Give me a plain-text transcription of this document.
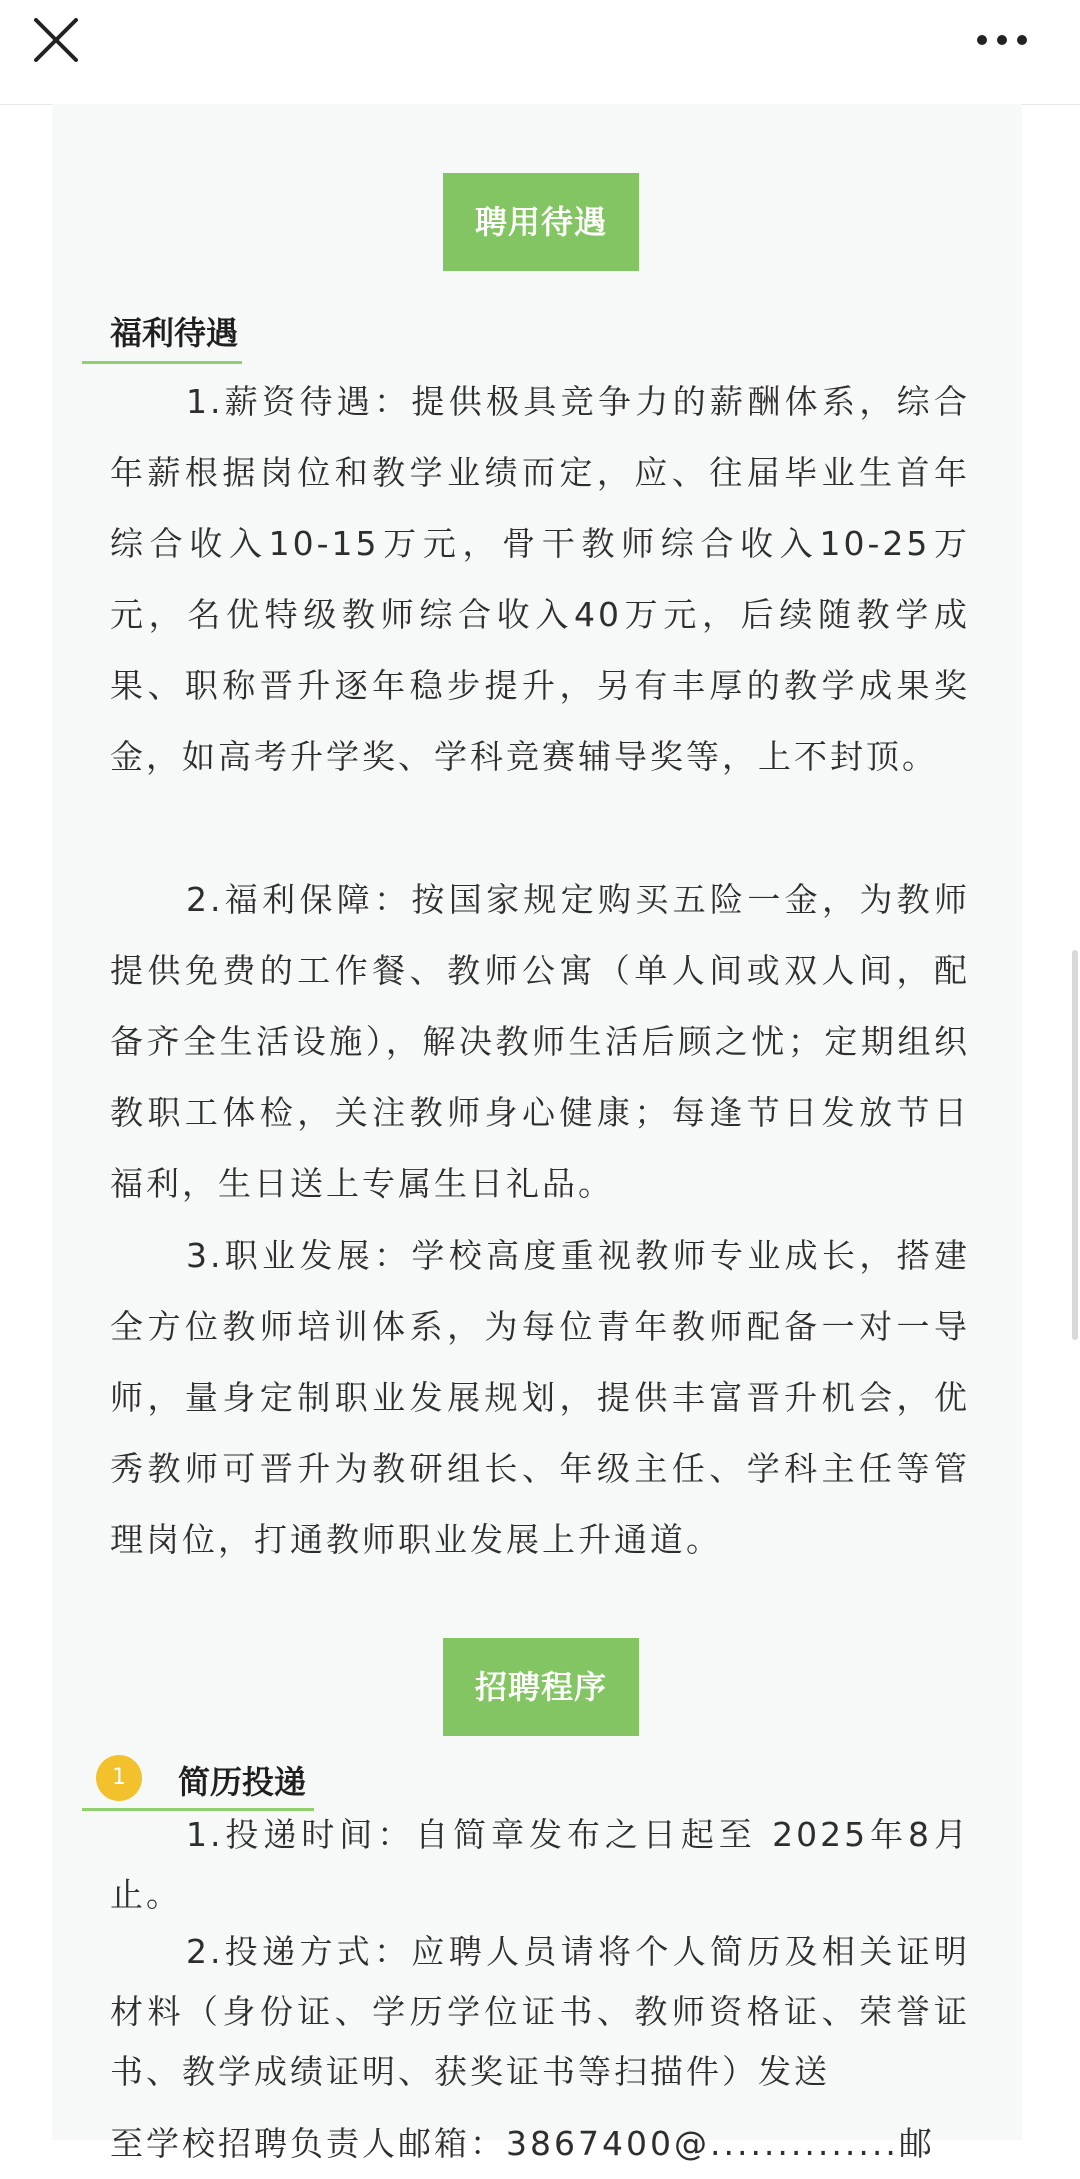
聘用待遇
福利待遇

1.薪资待遇：提供极具竞争力的薪酬体系，综合年薪根据岗位和教学业绩而定，应、往届毕业生首年综合收入10-15万元，骨干教师综合收入10-25万元，名优特级教师综合收入40万元，后续随教学成果、职称晋升逐年稳步提升，另有丰厚的教学成果奖金，如高考升学奖、学科竞赛辅导奖等，上不封顶。

2.福利保障：按国家规定购买五险一金，为教师提供免费的工作餐、教师公寓（单人间或双人间，配备齐全生活设施），解决教师生活后顾之忧；定期组织教职工体检，关注教师身心健康；每逢节日发放节日福利，生日送上专属生日礼品。

3.职业发展：学校高度重视教师专业成长，搭建全方位教师培训体系，为每位青年教师配备一对一导师，量身定制职业发展规划，提供丰富晋升机会，优秀教师可晋升为教研组长、年级主任、学科主任等管理岗位，打通教师职业发展上升通道。

招聘程序
1	简历投递

1.投递时间：自简章发布之日起至 2025年8月止。

2.投递方式：应聘人员请将个人简历及相关证明材料（身份证、学历学位证书、教师资格证、荣誉证书、教学成绩证明、获奖证书等扫描件）发送

至学校招聘负责人邮箱：3867400@..............邮
